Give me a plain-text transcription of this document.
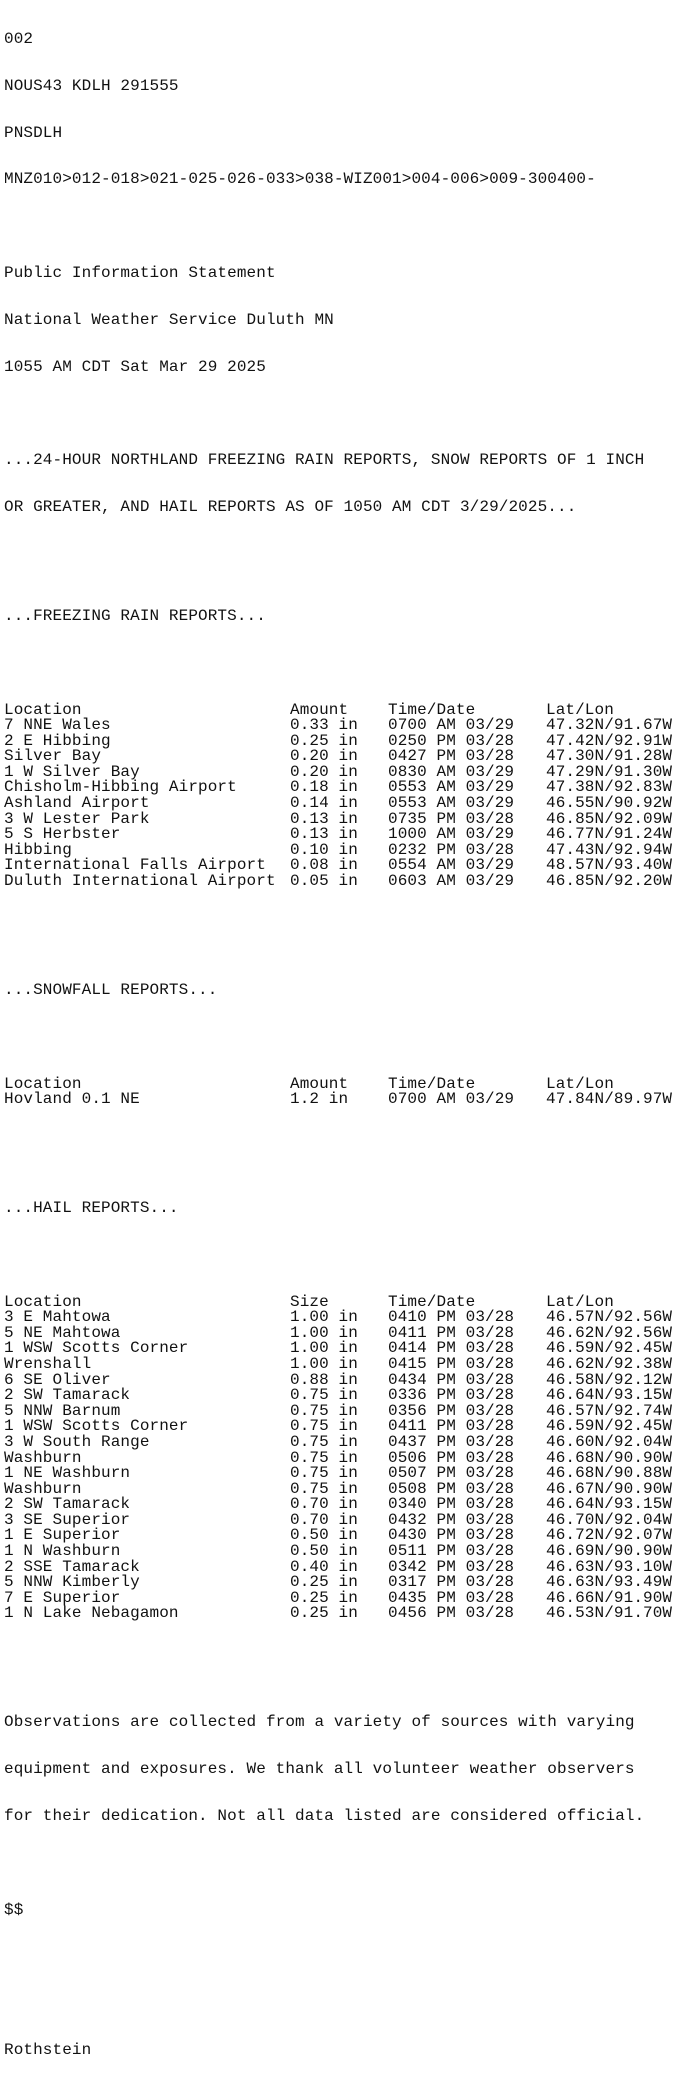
002

NOUS43 KDLH 291555

PNSDLH

MNZ010>012-018>021-025-026-033>038-WIZ001>004-006>009-300400-

Public Information Statement

National Weather Service Duluth MN

1055 AM CDT Sat Mar 29 2025

...24-HOUR NORTHLAND FREEZING RAIN REPORTS, SNOW REPORTS OF 1 INCH

OR GREATER, AND HAIL REPORTS AS OF 1050 AM CDT 3/29/2025...

...FREEZING RAIN REPORTS...

Location	Amount Time/Date	Lat/Lon
7 NNE Wales	0.33 in 0700 AM 03/29 47.32N/91.67W
2 E Hibbing	0.25 in 0250 PM 03/28 47.42N/92.91W
Silver Bay	0.20 in 0427 PM 03/28 47.30N/91.28W
1 W Silver Bay	0.20 in 0830 AM 03/29 47.29N/91.30W
Chisholm-Hibbing Airport	0.18 in 0553 AM 03/29 47.38N/92.83W
Ashland Airport	0.14 in 0553 AM 03/29 46.55N/90.92W
3 W Lester Park	0.13 in 0735 PM 03/28 46.85N/92.09W
5 S Herbster	0.13 in 1000 AM 03/29 46.77N/91.24W
Hibbing	0.10 in 0232 PM 03/28 47.43N/92.94W
International Falls Airport 0.08 in 0554 AM 03/29 48.57N/93.40W
Duluth International Airport 0.05 in 0603 AM 03/29 46.85N/92.20W

...SNOWFALL REPORTS...

Location	Amount Time/Date	Lat/Lon
Hovland 0.1 NE	1.2 in 0700 AM 03/29 47.84N/89.97W

...HAIL REPORTS...

Location	Size	Time/Date	Lat/Lon
3 E Mahtowa	1.00 in 0410 PM 03/28 46.57N/92.56W
5 NE Mahtowa	1.00 in 0411 PM 03/28 46.62N/92.56W
1 WSW Scotts Corner	1.00 in 0414 PM 03/28 46.59N/92.45W
Wrenshall	1.00 in 0415 PM 03/28 46.62N/92.38W
6 SE Oliver	0.88 in 0434 PM 03/28 46.58N/92.12W
2 SW Tamarack	0.75 in 0336 PM 03/28 46.64N/93.15W
5 NNW Barnum	0.75 in 0356 PM 03/28 46.57N/92.74W
1 WSW Scotts Corner	0.75 in 0411 PM 03/28 46.59N/92.45W
3 W South Range	0.75 in 0437 PM 03/28 46.60N/92.04W
Washburn	0.75 in 0506 PM 03/28 46.68N/90.90W
1 NE Washburn	0.75 in 0507 PM 03/28 46.68N/90.88W
Washburn	0.75 in 0508 PM 03/28 46.67N/90.90W
2 SW Tamarack	0.70 in 0340 PM 03/28 46.64N/93.15W
3 SE Superior	0.70 in 0432 PM 03/28 46.70N/92.04W
1 E Superior	0.50 in 0430 PM 03/28 46.72N/92.07W
1 N Washburn	0.50 in 0511 PM 03/28 46.69N/90.90W
2 SSE Tamarack	0.40 in 0342 PM 03/28 46.63N/93.10W
5 NNW Kimberly	0.25 in 0317 PM 03/28 46.63N/93.49W
7 E Superior	0.25 in 0435 PM 03/28 46.66N/91.90W
1 N Lake Nebagamon	0.25 in 0456 PM 03/28 46.53N/91.70W

Observations are collected from a variety of sources with varying

equipment and exposures. We thank all volunteer weather observers

for their dedication. Not all data listed are considered official.

$$

Rothstein
